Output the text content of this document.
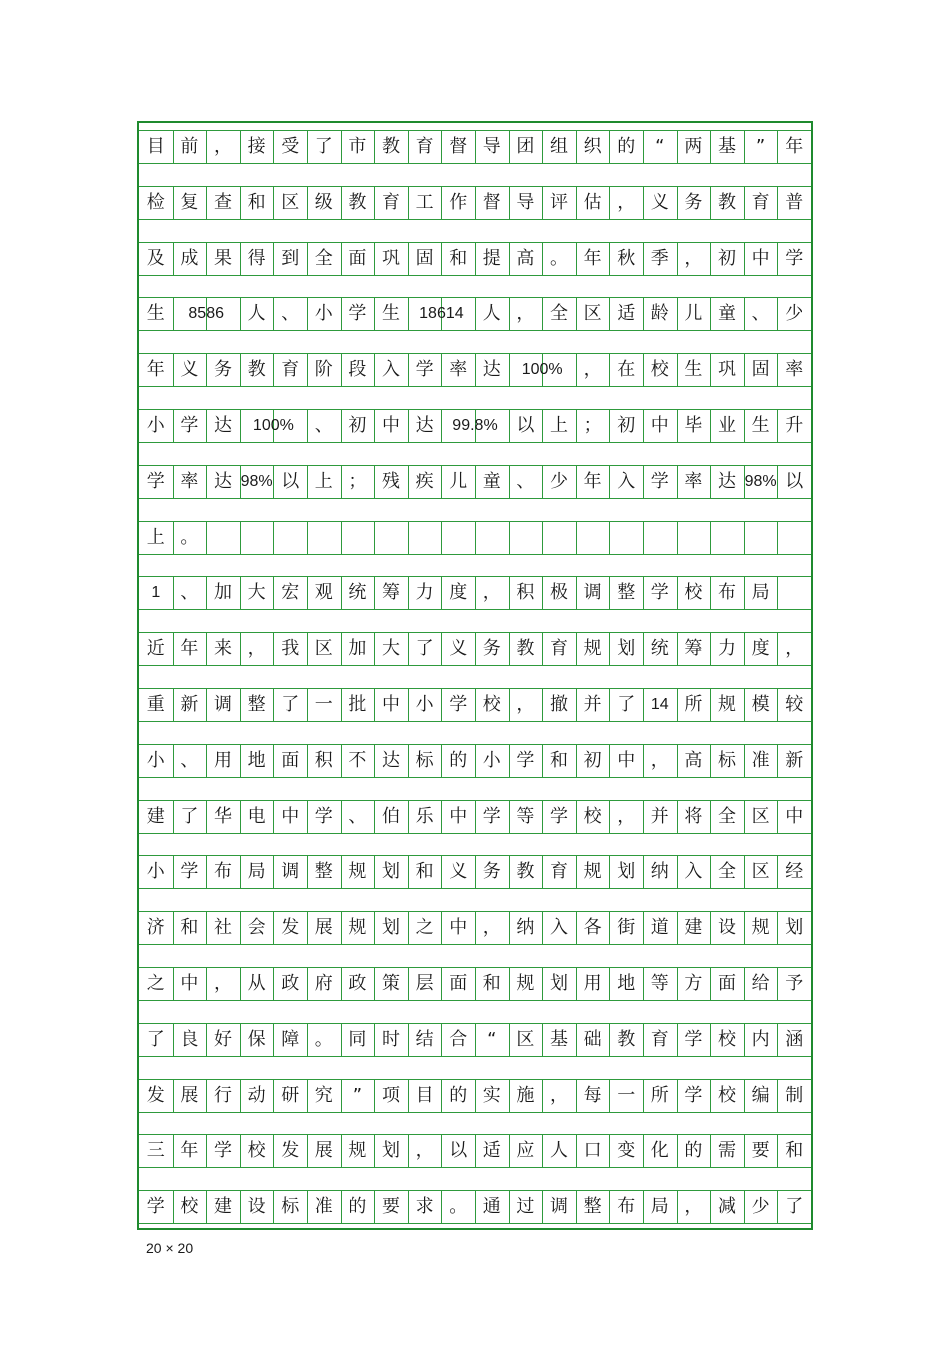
目 前 ， 接 受 了 市 教 育 督 导 团 组 织 的	“	两 基	”	年
检 复 查 和 区 级 教 育 工 作 督 导 评 估 ， 义 务 教 育 普
及 成 果 得 到 全 面 巩 固 和 提 高 。 年 秋 季 ， 初 中 学
生	8586	人 、 小 学 生	18614	人 ， 全 区 适 龄 儿 童 、 少
年 义 务 教 育 阶 段 入 学 率 达	100%	， 在 校 生 巩 固 率
小 学 达	100%	、 初 中 达	99.8%	以 上 ； 初 中 毕 业 生 升
学 率 达 98% 以 上 ； 残 疾 儿 童 、 少 年 入 学 率 达 98% 以
上 。
1	、 加 大 宏 观 统 筹 力 度 ， 积 极 调 整 学 校 布 局
近 年 来 ， 我 区 加 大 了 义 务 教 育 规 划 统 筹 力 度 ，
重 新 调 整 了 一 批 中 小 学 校 ， 撤 并 了 14 所 规 模 较
小 、 用 地 面 积 不 达 标 的 小 学 和 初 中 ， 高 标 准 新
建 了 华 电 中 学 、 伯 乐 中 学 等 学 校 ， 并 将 全 区 中
小 学 布 局 调 整 规 划 和 义 务 教 育 规 划 纳 入 全 区 经
济 和 社 会 发 展 规 划 之 中 ， 纳 入 各 街 道 建 设 规 划
之 中 ， 从 政 府 政 策 层 面 和 规 划 用 地 等 方 面 给 予
了 良 好 保 障 。 同 时 结 合	“	区 基 础 教 育 学 校 内 涵
发 展 行 动 研 究	”	项 目 的 实 施 ， 每 一 所 学 校 编 制
三 年 学 校 发 展 规 划 ， 以 适 应 人 口 变 化 的 需 要 和
学 校 建 设 标 准 的 要 求 。 通 过 调 整 布 局 ， 减 少 了
20 × 20
